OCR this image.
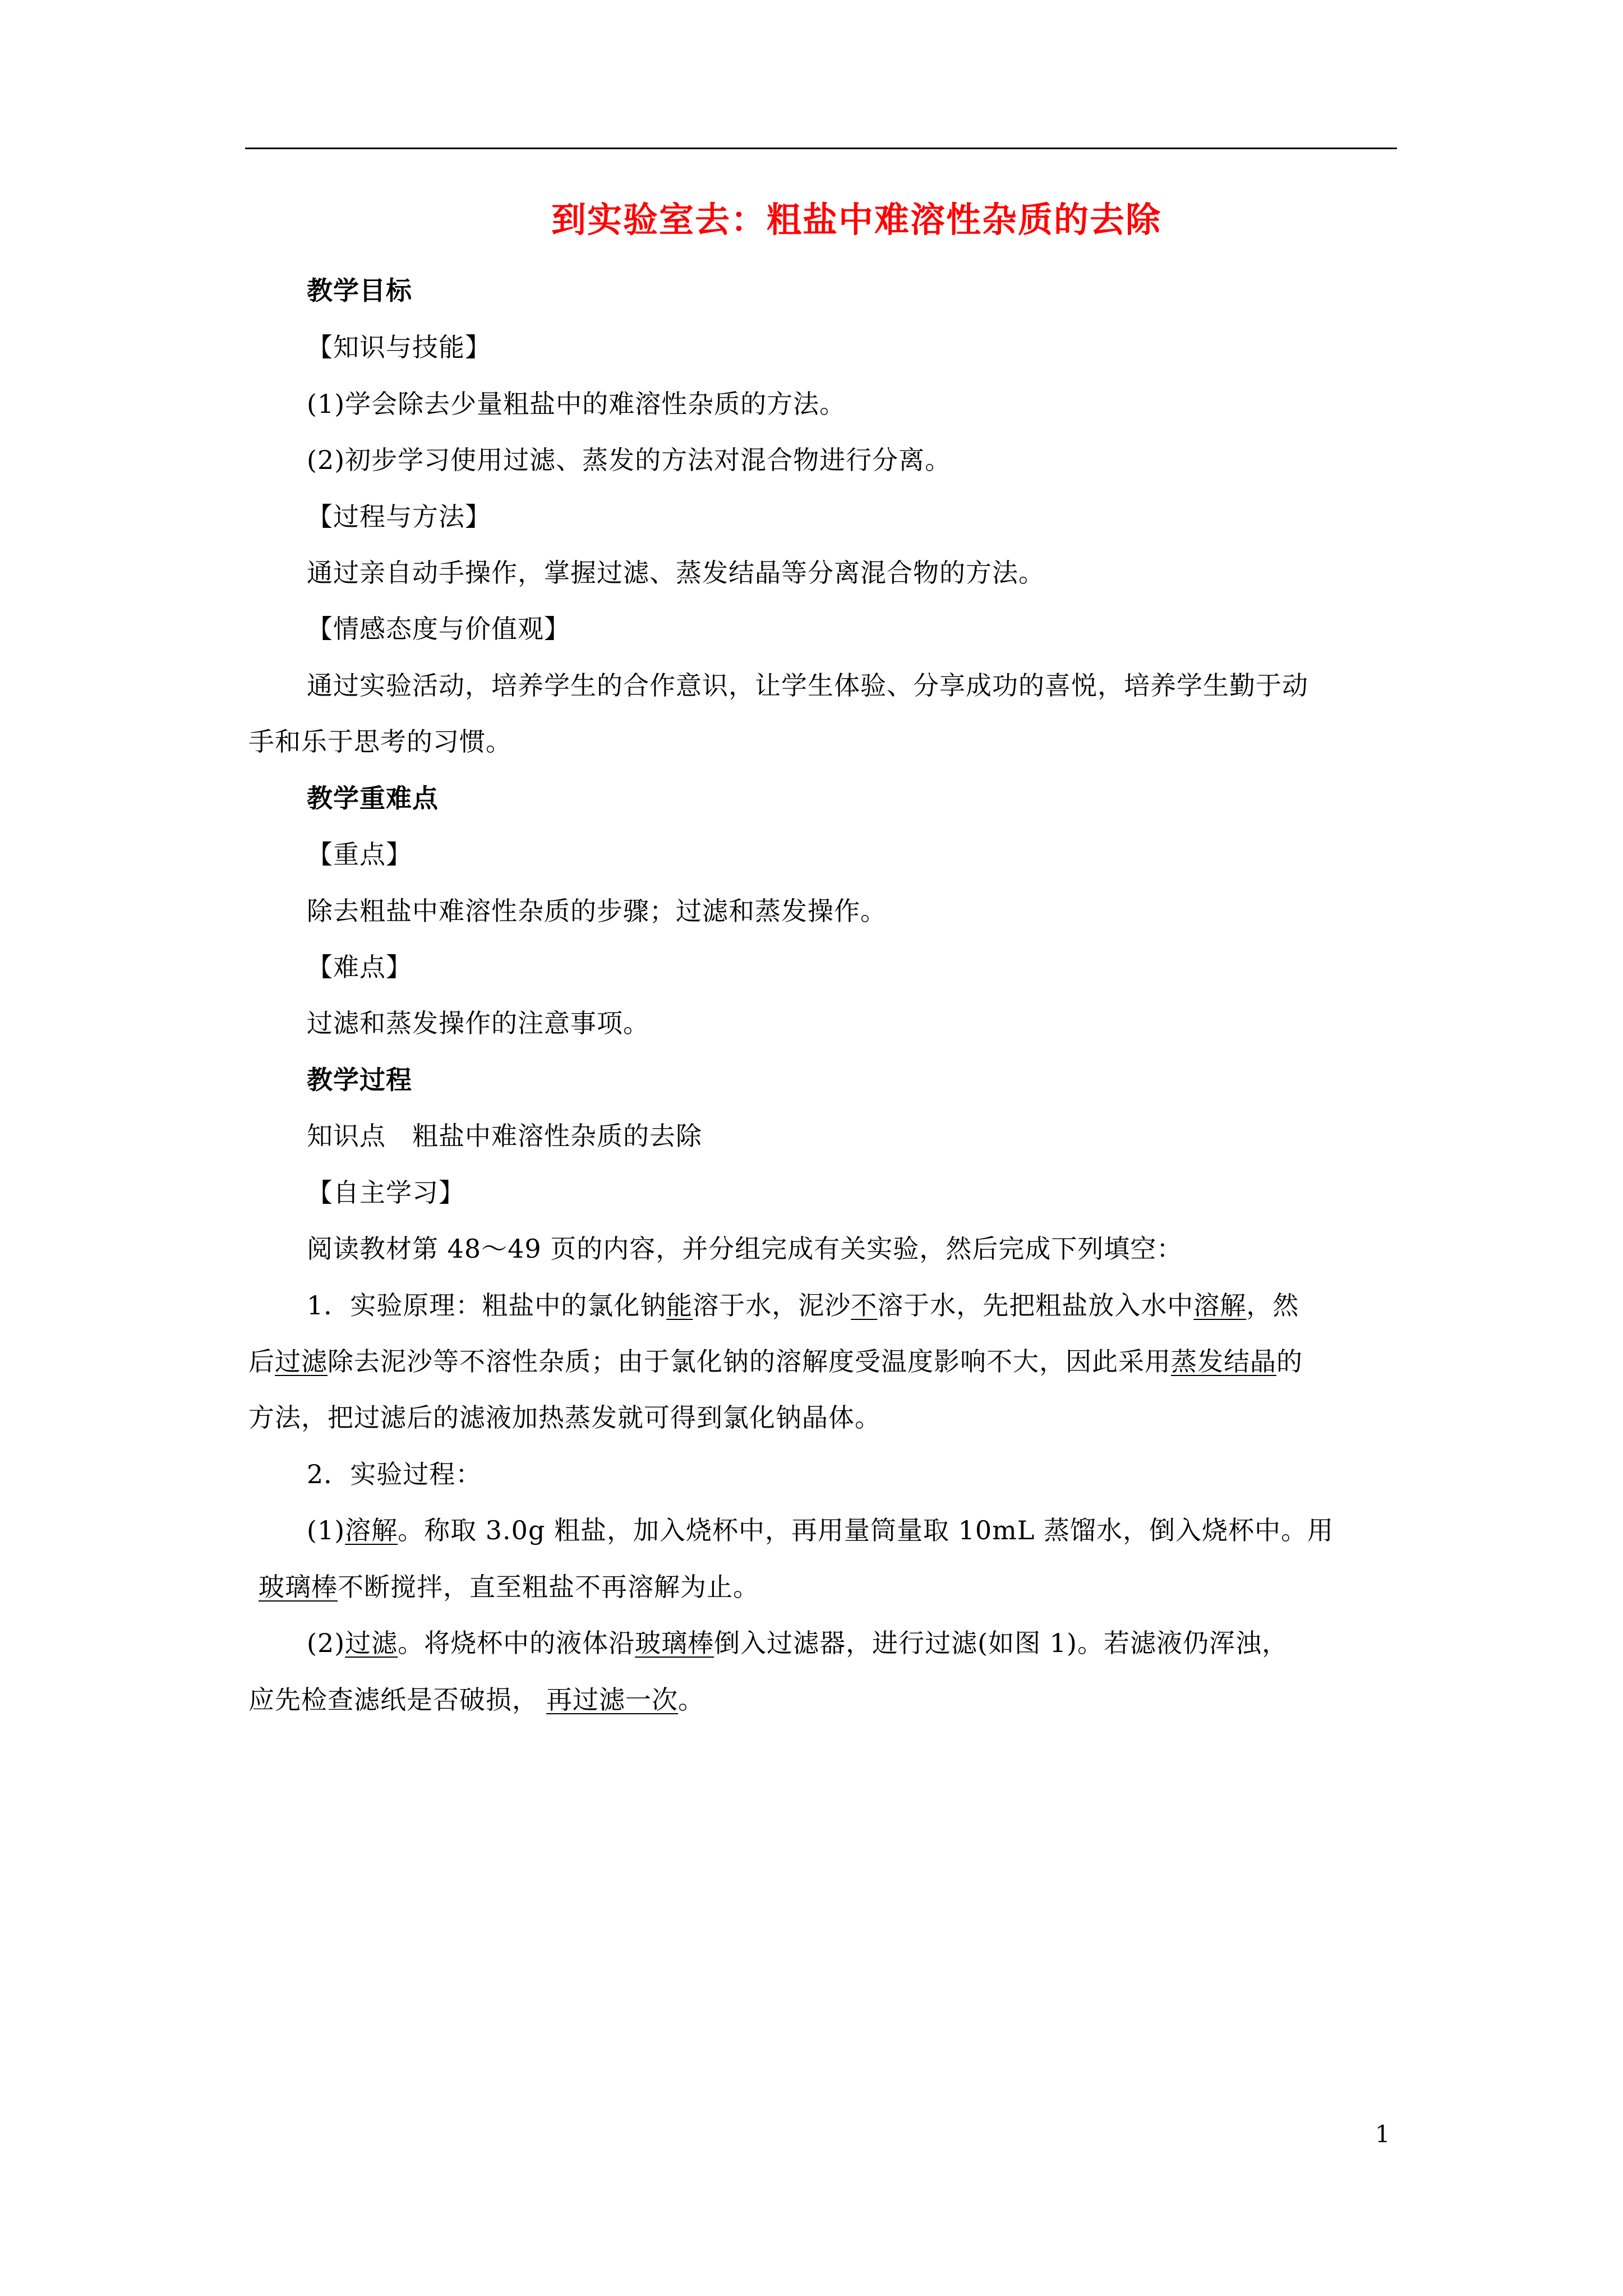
到实验室去：粗盐中难溶性杂质的去除
教学目标
【知识与技能】
(1)学会除去少量粗盐中的难溶性杂质的方法。
(2)初步学习使用过滤、蒸发的方法对混合物进行分离。
【过程与方法】
通过亲自动手操作，掌握过滤、蒸发结晶等分离混合物的方法。
【情感态度与价值观】
通过实验活动，培养学生的合作意识，让学生体验、分享成功的喜悦，培养学生勤于动
手和乐于思考的习惯。
教学重难点
【重点】
除去粗盐中难溶性杂质的步骤；过滤和蒸发操作。
【难点】
过滤和蒸发操作的注意事项。
教学过程
知识点　粗盐中难溶性杂质的去除
【自主学习】
阅读教材第 48～49 页的内容，并分组完成有关实验，然后完成下列填空：
1．实验原理：粗盐中的氯化钠能溶于水，泥沙不溶于水，先把粗盐放入水中溶解，然
后过滤除去泥沙等不溶性杂质；由于氯化钠的溶解度受温度影响不大，因此采用蒸发结晶的
方法，把过滤后的滤液加热蒸发就可得到氯化钠晶体。
2．实验过程：
(1)溶解。称取 3.0g 粗盐，加入烧杯中，再用量筒量取 10mL 蒸馏水，倒入烧杯中。用
玻璃棒不断搅拌，直至粗盐不再溶解为止。
(2)过滤。将烧杯中的液体沿玻璃棒倒入过滤器，进行过滤(如图 1)。若滤液仍浑浊，
应先检查滤纸是否破损， 再过滤一次。
1
